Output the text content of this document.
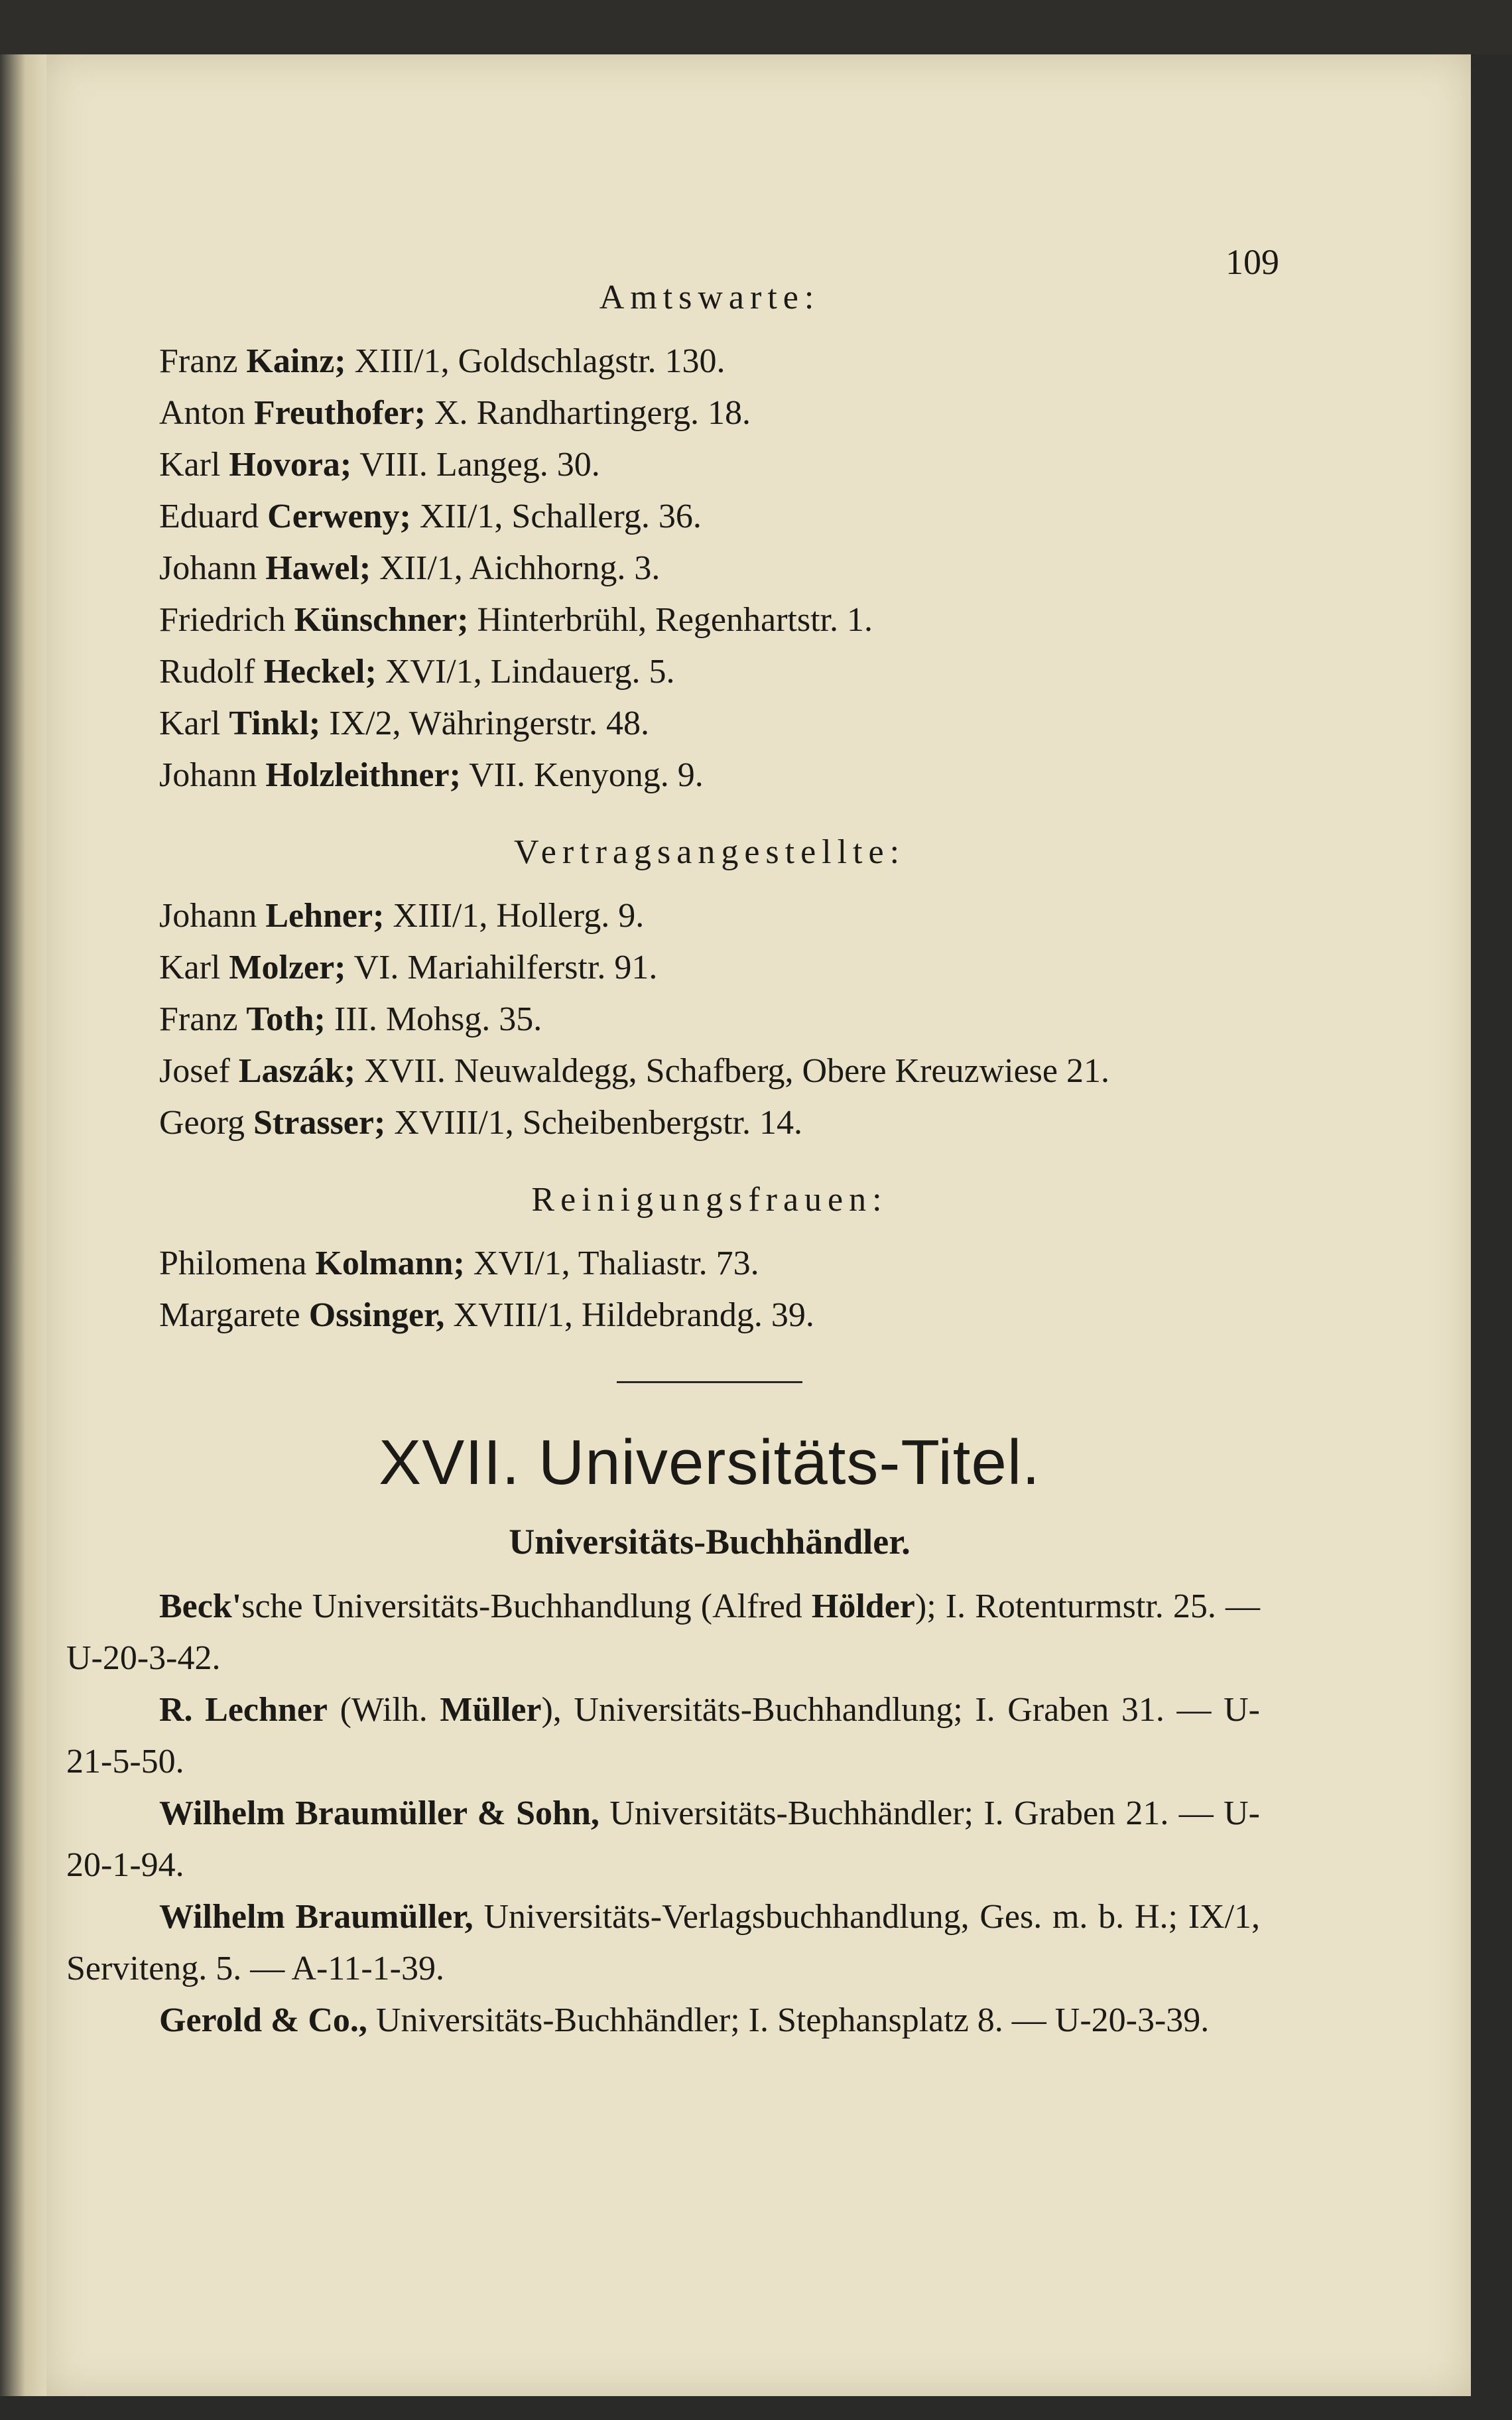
109
Amtswarte:

Franz Kainz; XIII/1, Goldschlagstr. 130.

Anton Freuthofer; X. Randhartingerg. 18.

Karl Hovora; VIII. Langeg. 30.

Eduard Cerweny; XII/1, Schallerg. 36.

Johann Hawel; XII/1, Aichhorng. 3.

Friedrich Künschner; Hinterbrühl, Regenhartstr. 1.

Rudolf Heckel; XVI/1, Lindauerg. 5.

Karl Tinkl; IX/2, Währingerstr. 48.

Johann Holzleithner; VII. Kenyong. 9.

Vertragsangestellte:

Johann Lehner; XIII/1, Hollerg. 9.

Karl Molzer; VI. Mariahilferstr. 91.

Franz Toth; III. Mohsg. 35.

Josef Laszák; XVII. Neuwaldegg, Schafberg, Obere Kreuzwiese 21.

Georg Strasser; XVIII/1, Scheibenbergstr. 14.

Reinigungsfrauen:

Philomena Kolmann; XVI/1, Thaliastr. 73.

Margarete Ossinger, XVIII/1, Hildebrandg. 39.

XVII. Universitäts-Titel.
Universitäts-Buchhändler.

Beck'sche Universitäts-Buchhandlung (Alfred Hölder); I. Rotenturmstr. 25. — U-20-3-42.

R. Lechner (Wilh. Müller), Universitäts-Buchhandlung; I. Graben 31. — U-21-5-50.

Wilhelm Braumüller & Sohn, Universitäts-Buchhändler; I. Graben 21. — U-20-1-94.

Wilhelm Braumüller, Universitäts-Verlagsbuchhandlung, Ges. m. b. H.; IX/1, Serviteng. 5. — A-11-1-39.

Gerold & Co., Universitäts-Buchhändler; I. Stephansplatz 8. — U-20-3-39.
